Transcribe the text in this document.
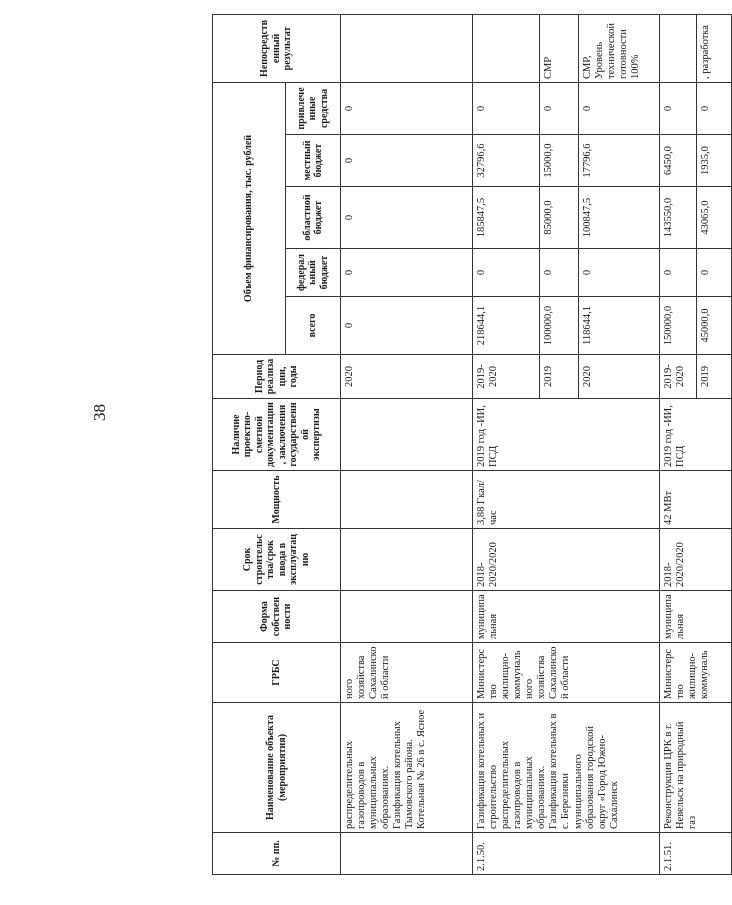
38
№ пп.	Наименование объекта (мероприятия)	ГРБС	Форма собственности	Срок строительства/срок ввода в эксплуатацию	Мощность	Наличие проектно-сметной документации, заключения государственной экспертизы	Период реализации, годы	Объем финансирования, тыс. рублей					Непосредственный результат
								всего	федеральный бюджет	областной бюджет	местный бюджет	привлеченные средства	
	распределительных газопроводов в муниципальных образованиях. Газификация котельных Тымовского района. Котельная № 26 в с. Ясное	ного хозяйства Сахалинской области					2020	0	0	0	0	0	
2.1.50.	Газификация котельных и строительство распределительных газопроводов в муниципальных образованиях. Газификация котельных в с. Березняки муниципального образования городской округ «Город Южно-Сахалинск	Министерство жилищно-коммунального хозяйства Сахалинской области	муниципальная	2018-2020/2020	3,88 Гкал/час	2019 год -ИИ, ПСД	2019-2020	218644,1	0	185847,5	32796,6	0	
							2019	100000,0	0	85000,0	15000,0	0	СМР
							2020	118644,1	0	100847,5	17796,6	0	СМР, Уровень технической готовности 100%
2.1.51.	Реконструкция ЦРК в г. Невельск на природный газ	Министерство жилищно-коммуналь	муниципальная	2018-2020/2020	42 МВт	2019 год -ИИ, ПСД	2019-2020	150000,0	0	143550,0	6450,0	0	
							2019	45000,0	0	43065,0	1935,0	0	, разработка
